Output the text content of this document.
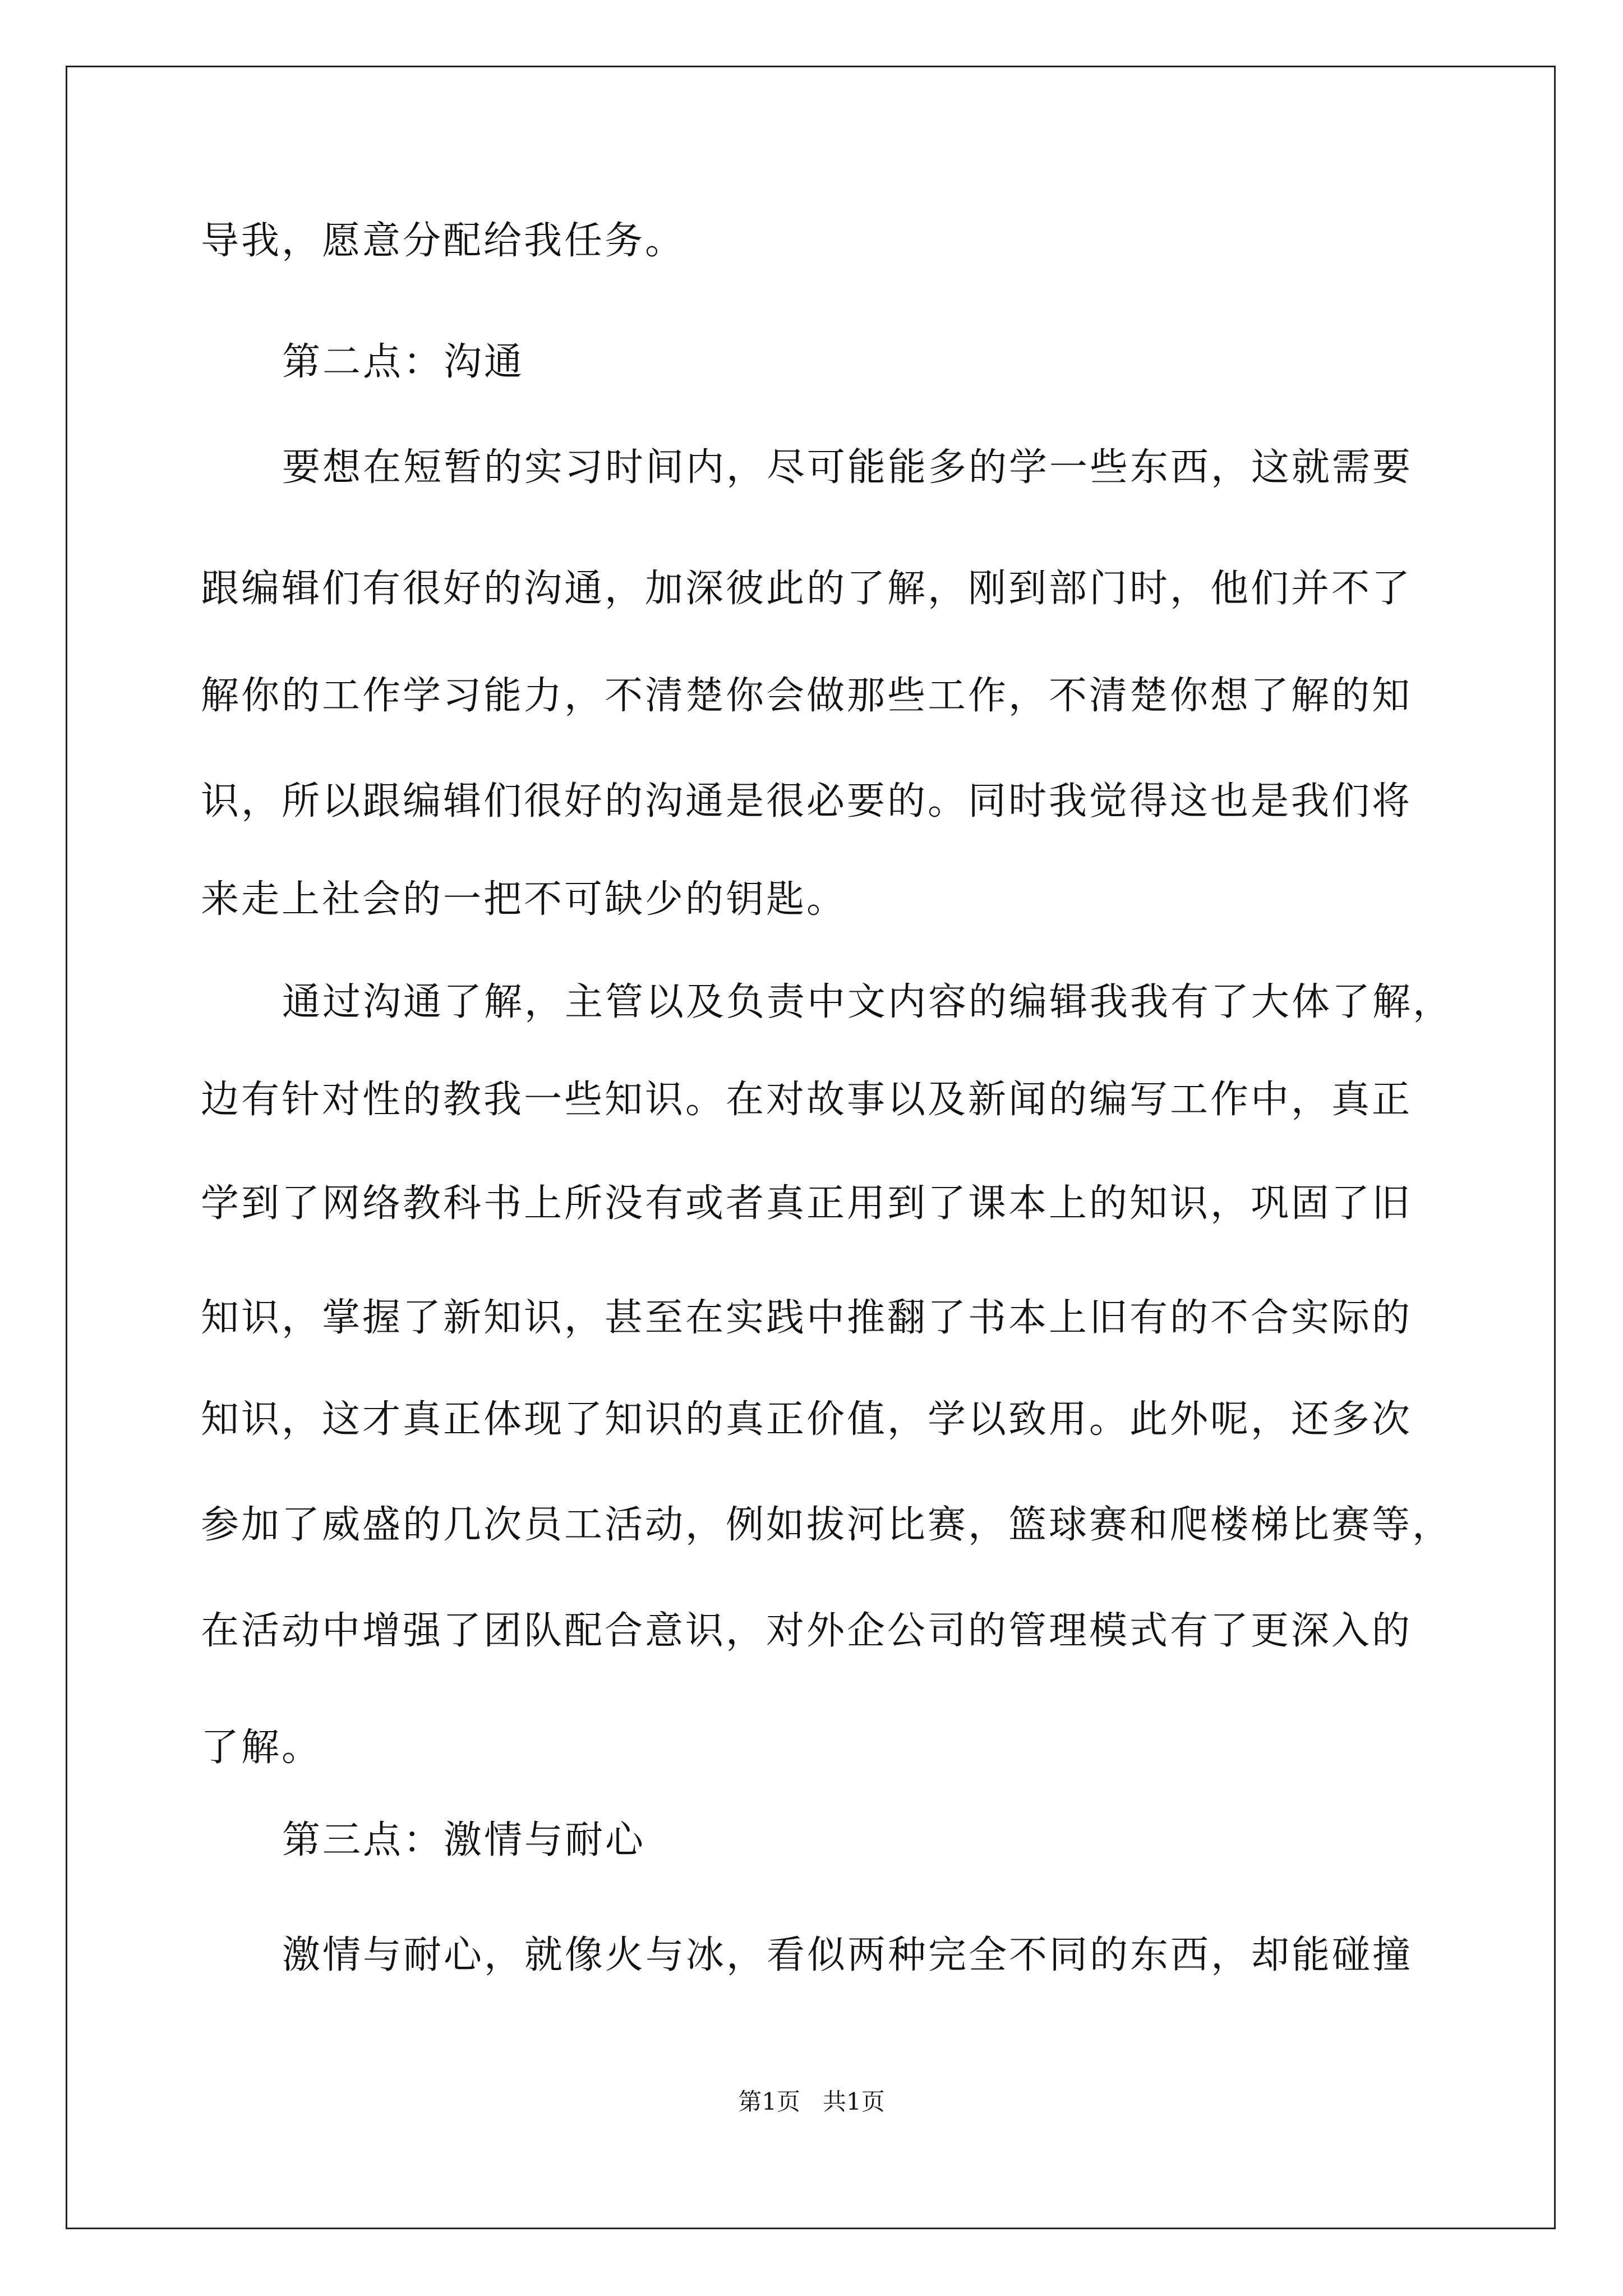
导我，愿意分配给我任务。
第二点：沟通
要想在短暂的实习时间内，尽可能能多的学一些东西，这就需要
跟编辑们有很好的沟通，加深彼此的了解，刚到部门时，他们并不了
解你的工作学习能力，不清楚你会做那些工作，不清楚你想了解的知
识，所以跟编辑们很好的沟通是很必要的。同时我觉得这也是我们将
来走上社会的一把不可缺少的钥匙。
通过沟通了解，主管以及负责中文内容的编辑我我有了大体了解，
边有针对性的教我一些知识。在对故事以及新闻的编写工作中，真正
学到了网络教科书上所没有或者真正用到了课本上的知识，巩固了旧
知识，掌握了新知识，甚至在实践中推翻了书本上旧有的不合实际的
知识，这才真正体现了知识的真正价值，学以致用。此外呢，还多次
参加了威盛的几次员工活动，例如拔河比赛，篮球赛和爬楼梯比赛等，
在活动中增强了团队配合意识，对外企公司的管理模式有了更深入的
了解。
第三点：激情与耐心
激情与耐心，就像火与冰，看似两种完全不同的东西，却能碰撞
第1页 共1页
